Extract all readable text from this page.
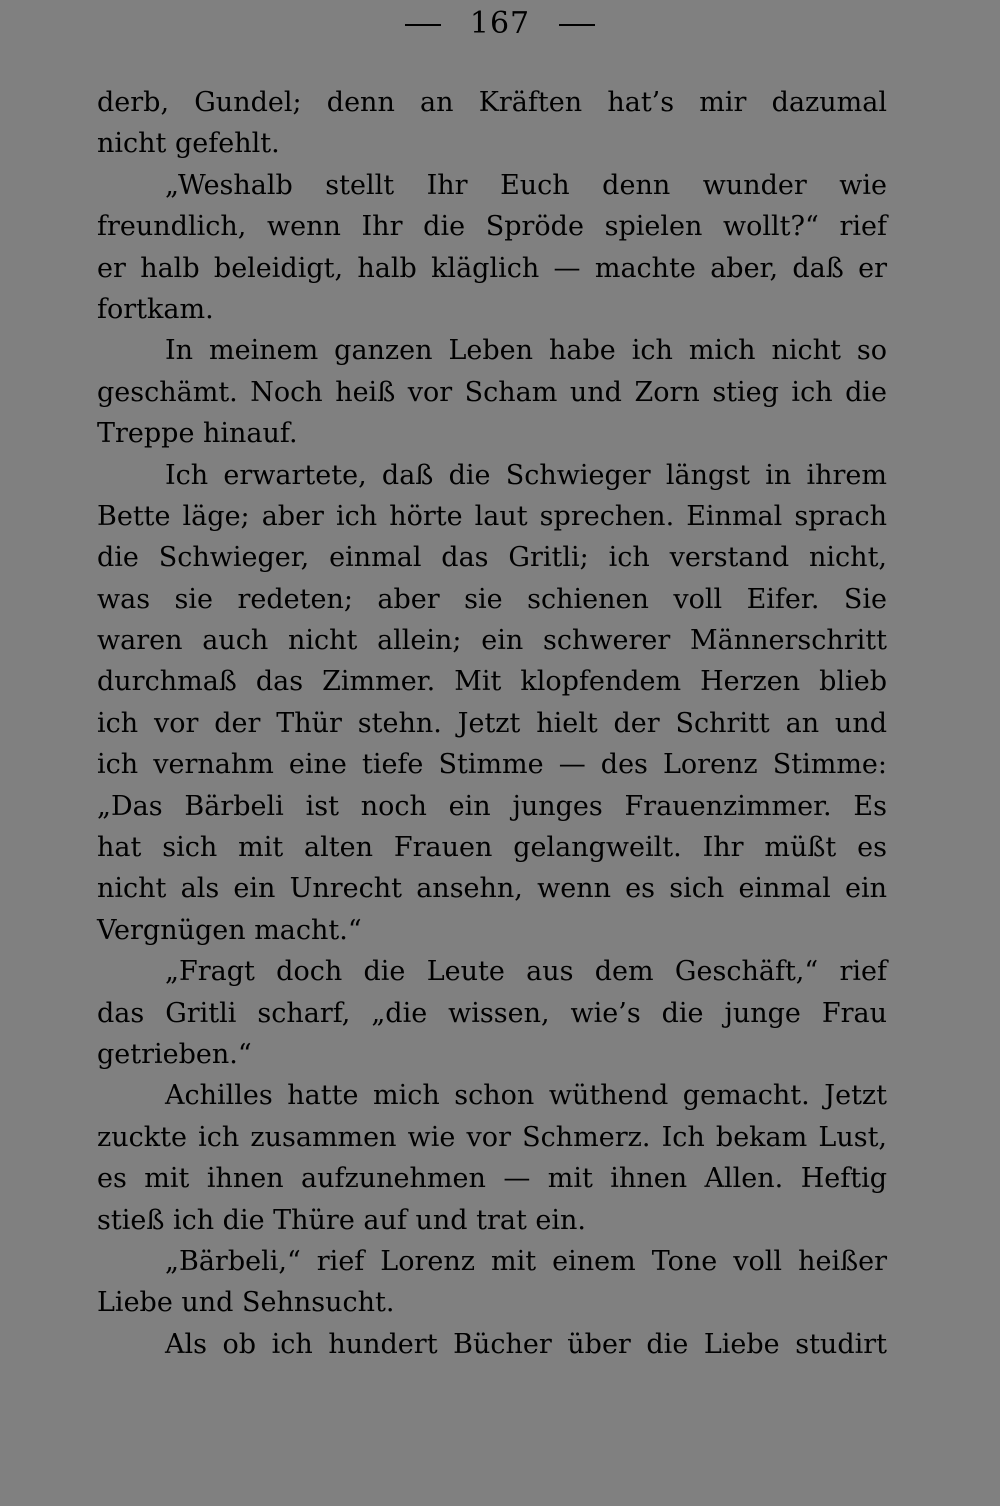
167
derb, Gundel; denn an Kräften hat’s mir dazumal
nicht gefehlt.
„Weshalb stellt Ihr Euch denn wunder wie
freundlich, wenn Ihr die Spröde spielen wollt?“ rief
er halb beleidigt, halb kläglich — machte aber, daß er
fortkam.
In meinem ganzen Leben habe ich mich nicht so
geschämt. Noch heiß vor Scham und Zorn stieg ich die
Treppe hinauf.
Ich erwartete, daß die Schwieger längst in ihrem
Bette läge; aber ich hörte laut sprechen. Einmal sprach
die Schwieger, einmal das Gritli; ich verstand nicht,
was sie redeten; aber sie schienen voll Eifer. Sie
waren auch nicht allein; ein schwerer Männerschritt
durchmaß das Zimmer. Mit klopfendem Herzen blieb
ich vor der Thür stehn. Jetzt hielt der Schritt an und
ich vernahm eine tiefe Stimme — des Lorenz Stimme:
„Das Bärbeli ist noch ein junges Frauenzimmer. Es
hat sich mit alten Frauen gelangweilt. Ihr müßt es
nicht als ein Unrecht ansehn, wenn es sich einmal ein
Vergnügen macht.“
„Fragt doch die Leute aus dem Geschäft,“ rief
das Gritli scharf, „die wissen, wie’s die junge Frau
getrieben.“
Achilles hatte mich schon wüthend gemacht. Jetzt
zuckte ich zusammen wie vor Schmerz. Ich bekam Lust,
es mit ihnen aufzunehmen — mit ihnen Allen. Heftig
stieß ich die Thüre auf und trat ein.
„Bärbeli,“ rief Lorenz mit einem Tone voll heißer
Liebe und Sehnsucht.
Als ob ich hundert Bücher über die Liebe studirt
